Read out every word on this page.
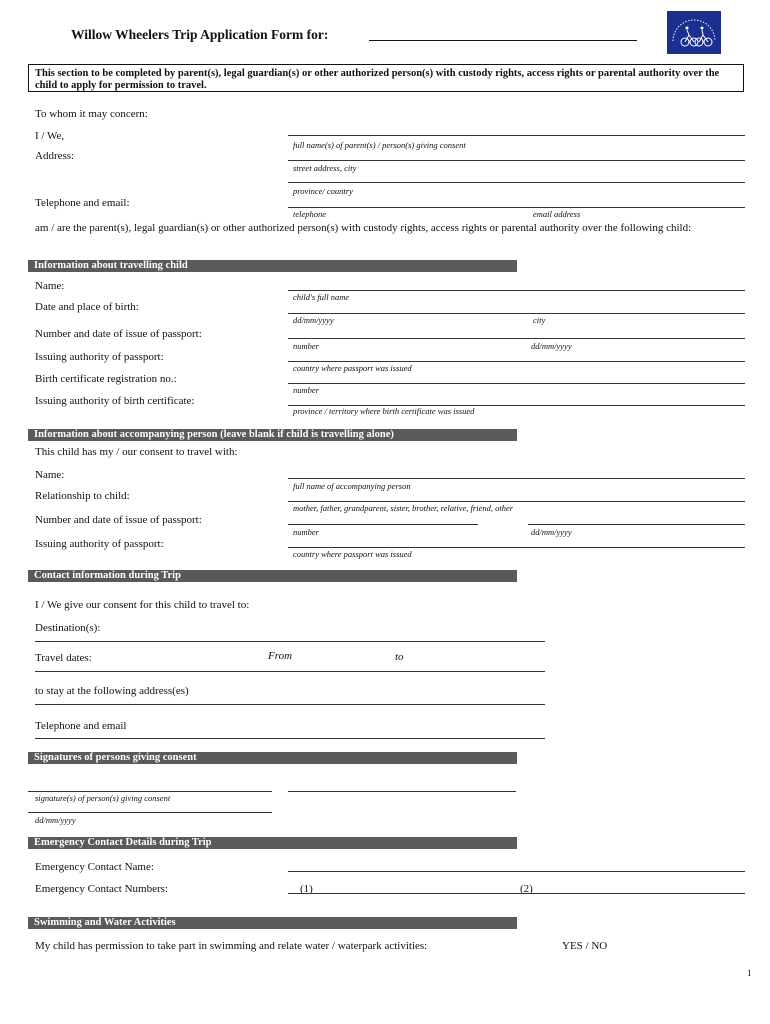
Willow Wheelers Trip Application Form for:
This section to be completed by parent(s), legal guardian(s) or other authorized person(s) with custody rights, access rights or parental authority over the child to apply for permission to travel.
To whom it may concern:
I / We,
full name(s) of parent(s) / person(s) giving consent
Address:
street address, city
province/ country
Telephone and email:
telephone	email address
am / are the parent(s), legal guardian(s) or other authorized person(s) with custody rights, access rights or parental authority over the following child:
Information about travelling child
Name:
child's full name
Date and place of birth:
dd/mm/yyyy	city
Number and date of issue of passport:
number	dd/mm/yyyy
Issuing authority of passport:
country where passport was issued
Birth certificate registration no.:
number
Issuing authority of birth certificate:
province / territory where birth certificate was issued
Information about accompanying person (leave blank if child is travelling alone)
This child has my / our consent to travel with:
Name:
full name of accompanying person
Relationship to child:
mother, father, grandparent, sister, brother, relative, friend, other
Number and date of issue of passport:
number	dd/mm/yyyy
Issuing authority of passport:
country where passport was issued
Contact information during Trip
I / We give our consent for this child to travel to:
Destination(s):
Travel dates:	From	to
to stay at the following address(es)
Telephone and email
Signatures of persons giving consent
signature(s) of person(s) giving consent
dd/mm/yyyy
Emergency Contact Details during Trip
Emergency Contact Name:
Emergency Contact Numbers:	(1)	(2)
Swimming and Water Activities
My child has permission to take part in swimming and relate water / waterpark activities:	YES / NO
1
